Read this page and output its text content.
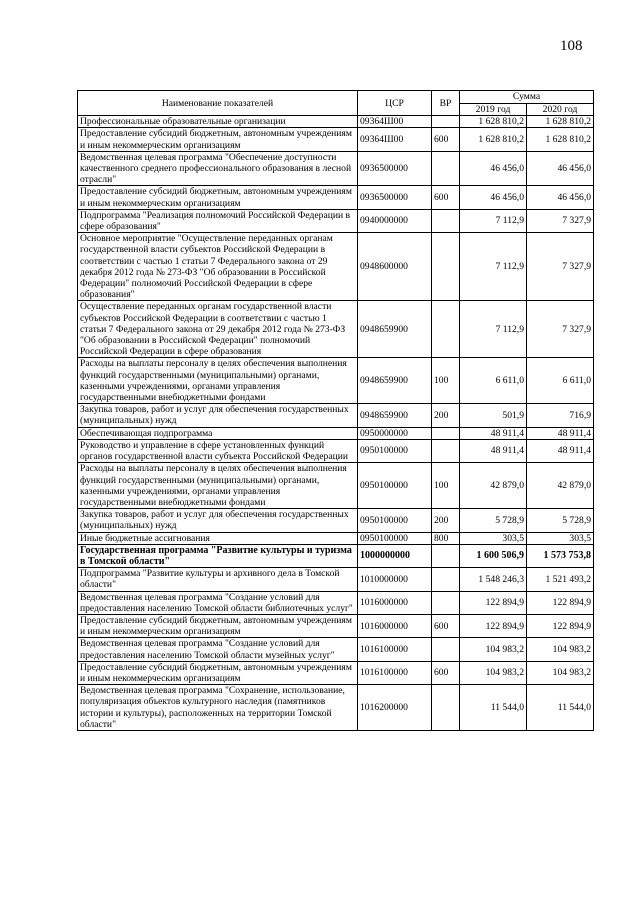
108
Наименование показателей	ЦСР	ВР	Сумма	
			2019 год	2020 год
Профессиональные образовательные организации	09364Ш00		1 628 810,2	1 628 810,2
Предоставление субсидий бюджетным, автономным учреждениям и иным некоммерческим организациям	09364Ш00	600	1 628 810,2	1 628 810,2
Ведомственная целевая программа "Обеспечение доступности качественного среднего профессионального образования в лесной отрасли"	0936500000		46 456,0	46 456,0
Предоставление субсидий бюджетным, автономным учреждениям и иным некоммерческим организациям	0936500000	600	46 456,0	46 456,0
Подпрограмма "Реализация полномочий Российской Федерации в сфере образования"	0940000000		7 112,9	7 327,9
Основное мероприятие "Осуществление переданных органам государственной власти субъектов Российской Федерации в соответствии с частью 1 статьи 7 Федерального закона от 29 декабря 2012 года № 273-ФЗ "Об образовании в Российской Федерации" полномочий Российской Федерации в сфере образования"	0948600000		7 112,9	7 327,9
Осуществление переданных органам государственной власти субъектов Российской Федерации в соответствии с частью 1 статьи 7 Федерального закона от 29 декабря 2012 года № 273-ФЗ "Об образовании в Российской Федерации" полномочий Российской Федерации в сфере образования	0948659900		7 112,9	7 327,9
Расходы на выплаты персоналу в целях обеспечения выполнения функций государственными (муниципальными) органами, казенными учреждениями, органами управления государственными внебюджетными фондами	0948659900	100	6 611,0	6 611,0
Закупка товаров, работ и услуг для обеспечения государственных (муниципальных) нужд	0948659900	200	501,9	716,9
Обеспечивающая подпрограмма	0950000000		48 911,4	48 911,4
Руководство и управление в сфере установленных функций органов государственной власти субъекта Российской Федерации	0950100000		48 911,4	48 911,4
Расходы на выплаты персоналу в целях обеспечения выполнения функций государственными (муниципальными) органами, казенными учреждениями, органами управления государственными внебюджетными фондами	0950100000	100	42 879,0	42 879,0
Закупка товаров, работ и услуг для обеспечения государственных (муниципальных) нужд	0950100000	200	5 728,9	5 728,9
Иные бюджетные ассигнования	0950100000	800	303,5	303,5
Государственная программа "Развитие культуры и туризма в Томской области"	1000000000		1 600 506,9	1 573 753,8
Подпрограмма "Развитие культуры и архивного дела в Томской области"	1010000000		1 548 246,3	1 521 493,2
Ведомственная целевая программа "Создание условий для предоставления населению Томской области библиотечных услуг"	1016000000		122 894,9	122 894,9
Предоставление субсидий бюджетным, автономным учреждениям и иным некоммерческим организациям	1016000000	600	122 894,9	122 894,9
Ведомственная целевая программа "Создание условий для предоставления населению Томской области музейных услуг"	1016100000		104 983,2	104 983,2
Предоставление субсидий бюджетным, автономным учреждениям и иным некоммерческим организациям	1016100000	600	104 983,2	104 983,2
Ведомственная целевая программа "Сохранение, использование, популяризация объектов культурного наследия (памятников истории и культуры), расположенных на территории Томской области"	1016200000		11 544,0	11 544,0
